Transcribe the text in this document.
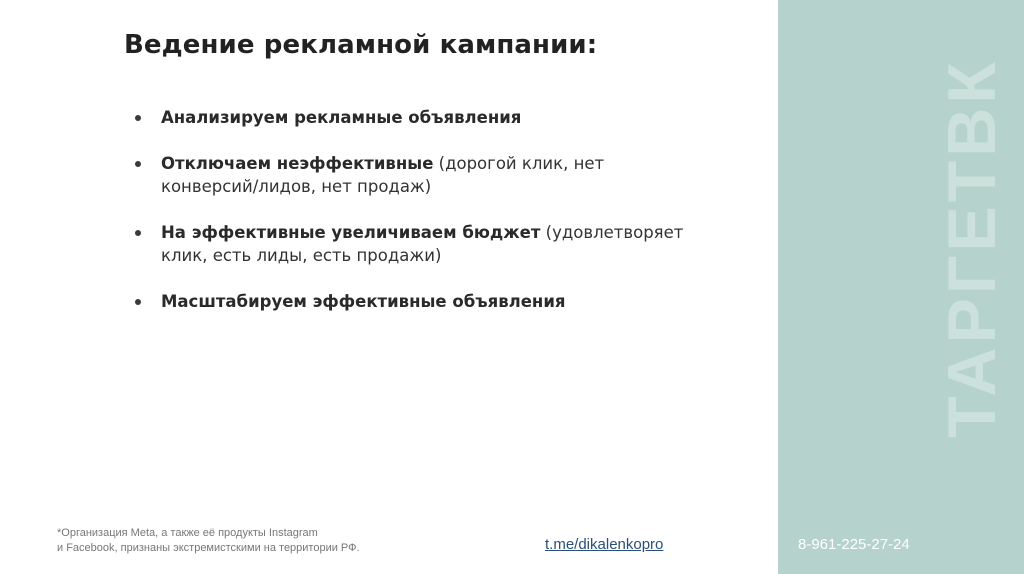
Ведение рекламной кампании:
Анализируем рекламные объявления
Отключаем неэффективные (дорогой клик, нет конверсий/лидов, нет продаж)
На эффективные увеличиваем бюджет (удовлетворяет клик, есть лиды, есть продажи)
Масштабируем эффективные объявления
*Организация Meta, а также её продукты Instagram
и Facebook, признаны экстремистскими на территории РФ.	t.me/dikalenkopro
ТАРГЕТВК
8-961-225-27-24
